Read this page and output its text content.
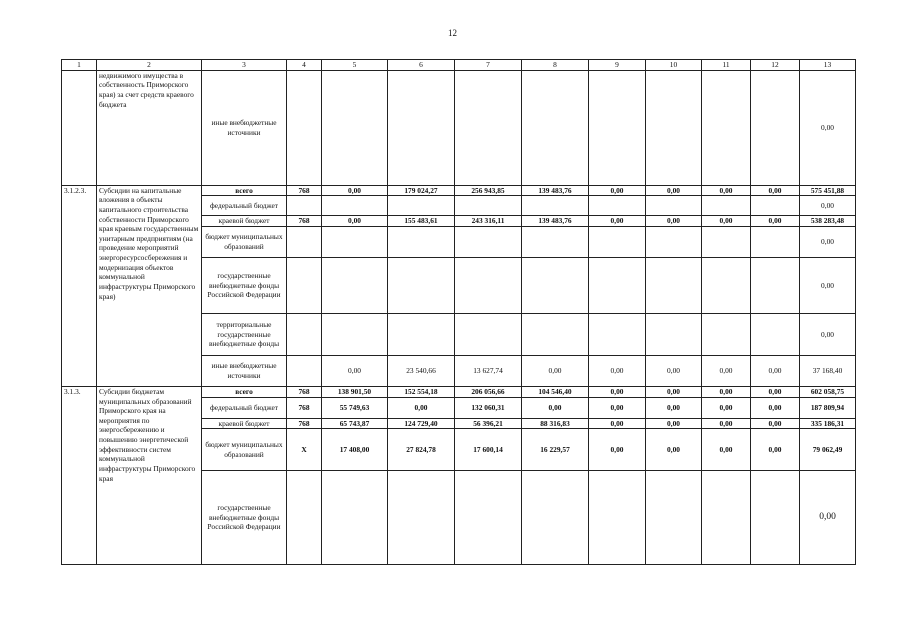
12
1	2	3	4	5	6	7	8	9	10	11	12	13
	недвижимого имущества в собственность Приморского края) за счет средств краевого бюджета	иные внебюджетные источники										0,00
3.1.2.3.	Субсидии на капитальные вложения в объекты капитального строительства собственности Приморского края краевым государственным унитарным предприятиям (на проведение мероприятий энергоресурсосбережения и модернизация объектов коммунальной инфраструктуры Приморского края)	всего	768	0,00	179 024,27	256 943,85	139 483,76	0,00	0,00	0,00	0,00	575 451,88
		федеральный бюджет										0,00
		краевой бюджет	768	0,00	155 483,61	243 316,11	139 483,76	0,00	0,00	0,00	0,00	538 283,48
		бюджет муниципальных образований										0,00
		государственные внебюджетные фонды Российской Федерации										0,00
		территориальные государственные внебюджетные фонды										0,00
		иные внебюджетные источники		0,00	23 540,66	13 627,74	0,00	0,00	0,00	0,00	0,00	37 168,40
3.1.3.	Субсидии бюджетам муниципальных образований Приморского края на мероприятия по энергосбережению и повышению энергетической эффективности систем коммунальной инфраструктуры Приморского края	всего	768	138 901,50	152 554,18	206 056,66	104 546,40	0,00	0,00	0,00	0,00	602 058,75
		федеральный бюджет	768	55 749,63	0,00	132 060,31	0,00	0,00	0,00	0,00	0,00	187 809,94
		краевой бюджет	768	65 743,87	124 729,40	56 396,21	88 316,83	0,00	0,00	0,00	0,00	335 186,31
		бюджет муниципальных образований	X	17 408,00	27 824,78	17 600,14	16 229,57	0,00	0,00	0,00	0,00	79 062,49
		государственные внебюджетные фонды Российской Федерации										0,00
